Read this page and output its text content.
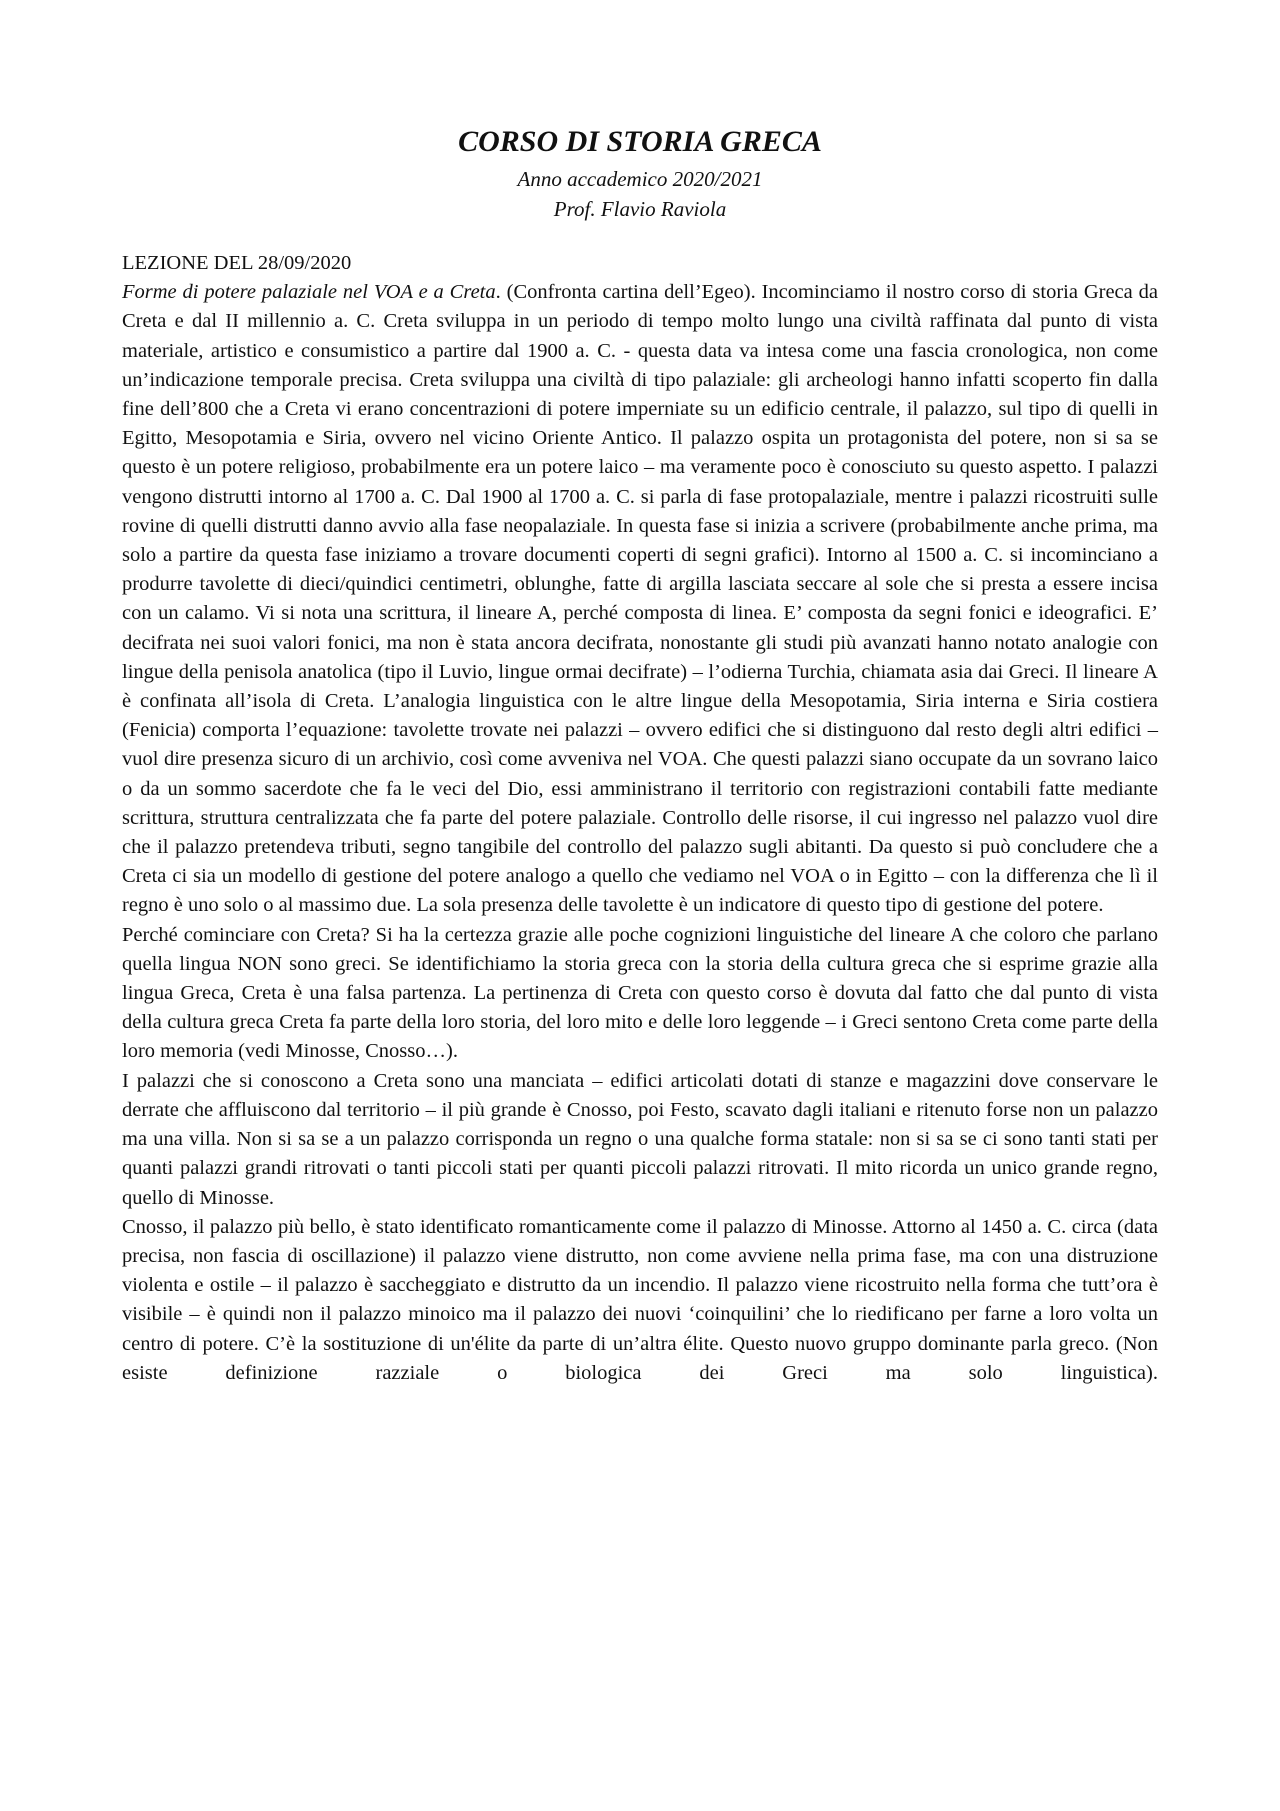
CORSO DI STORIA GRECA

Anno accademico 2020/2021

Prof. Flavio Raviola

LEZIONE DEL 28/09/2020

Forme di potere palaziale nel VOA e a Creta. (Confronta cartina dell’Egeo). Incominciamo il nostro corso di storia Greca da Creta e dal II millennio a. C. Creta sviluppa in un periodo di tempo molto lungo una civiltà raffinata dal punto di vista materiale, artistico e consumistico a partire dal 1900 a. C. - questa data va intesa come una fascia cronologica, non come un’indicazione temporale precisa. Creta sviluppa una civiltà di tipo palaziale: gli archeologi hanno infatti scoperto fin dalla fine dell’800 che a Creta vi erano concentrazioni di potere imperniate su un edificio centrale, il palazzo, sul tipo di quelli in Egitto, Mesopotamia e Siria, ovvero nel vicino Oriente Antico. Il palazzo ospita un protagonista del potere, non si sa se questo è un potere religioso, probabilmente era un potere laico – ma veramente poco è conosciuto su questo aspetto. I palazzi vengono distrutti intorno al 1700 a. C. Dal 1900 al 1700 a. C. si parla di fase protopalaziale, mentre i palazzi ricostruiti sulle rovine di quelli distrutti danno avvio alla fase neopalaziale. In questa fase si inizia a scrivere (probabilmente anche prima, ma solo a partire da questa fase iniziamo a trovare documenti coperti di segni grafici). Intorno al 1500 a. C. si incominciano a produrre tavolette di dieci/quindici centimetri, oblunghe, fatte di argilla lasciata seccare al sole che si presta a essere incisa con un calamo. Vi si nota una scrittura, il lineare A, perché composta di linea. E’ composta da segni fonici e ideografici. E’ decifrata nei suoi valori fonici, ma non è stata ancora decifrata, nonostante gli studi più avanzati hanno notato analogie con lingue della penisola anatolica (tipo il Luvio, lingue ormai decifrate) – l’odierna Turchia, chiamata asia dai Greci. Il lineare A è confinata all’isola di Creta. L’analogia linguistica con le altre lingue della Mesopotamia, Siria interna e Siria costiera (Fenicia) comporta l’equazione: tavolette trovate nei palazzi – ovvero edifici che si distinguono dal resto degli altri edifici – vuol dire presenza sicuro di un archivio, così come avveniva nel VOA. Che questi palazzi siano occupate da un sovrano laico o da un sommo sacerdote che fa le veci del Dio, essi amministrano il territorio con registrazioni contabili fatte mediante scrittura, struttura centralizzata che fa parte del potere palaziale. Controllo delle risorse, il cui ingresso nel palazzo vuol dire che il palazzo pretendeva tributi, segno tangibile del controllo del palazzo sugli abitanti. Da questo si può concludere che a Creta ci sia un modello di gestione del potere analogo a quello che vediamo nel VOA o in Egitto – con la differenza che lì il regno è uno solo o al massimo due. La sola presenza delle tavolette è un indicatore di questo tipo di gestione del potere.

Perché cominciare con Creta? Si ha la certezza grazie alle poche cognizioni linguistiche del lineare A che coloro che parlano quella lingua NON sono greci. Se identifichiamo la storia greca con la storia della cultura greca che si esprime grazie alla lingua Greca, Creta è una falsa partenza. La pertinenza di Creta con questo corso è dovuta dal fatto che dal punto di vista della cultura greca Creta fa parte della loro storia, del loro mito e delle loro leggende – i Greci sentono Creta come parte della loro memoria (vedi Minosse, Cnosso…).

I palazzi che si conoscono a Creta sono una manciata – edifici articolati dotati di stanze e magazzini dove conservare le derrate che affluiscono dal territorio – il più grande è Cnosso, poi Festo, scavato dagli italiani e ritenuto forse non un palazzo ma una villa. Non si sa se a un palazzo corrisponda un regno o una qualche forma statale: non si sa se ci sono tanti stati per quanti palazzi grandi ritrovati o tanti piccoli stati per quanti piccoli palazzi ritrovati. Il mito ricorda un unico grande regno, quello di Minosse.

Cnosso, il palazzo più bello, è stato identificato romanticamente come il palazzo di Minosse. Attorno al 1450 a. C. circa (data precisa, non fascia di oscillazione) il palazzo viene distrutto, non come avviene nella prima fase, ma con una distruzione violenta e ostile – il palazzo è saccheggiato e distrutto da un incendio. Il palazzo viene ricostruito nella forma che tutt’ora è visibile – è quindi non il palazzo minoico ma il palazzo dei nuovi ‘coinquilini’ che lo riedificano per farne a loro volta un centro di potere. C’è la sostituzione di un'élite da parte di un’altra élite. Questo nuovo gruppo dominante parla greco. (Non esiste definizione razziale o biologica dei Greci ma solo linguistica).
